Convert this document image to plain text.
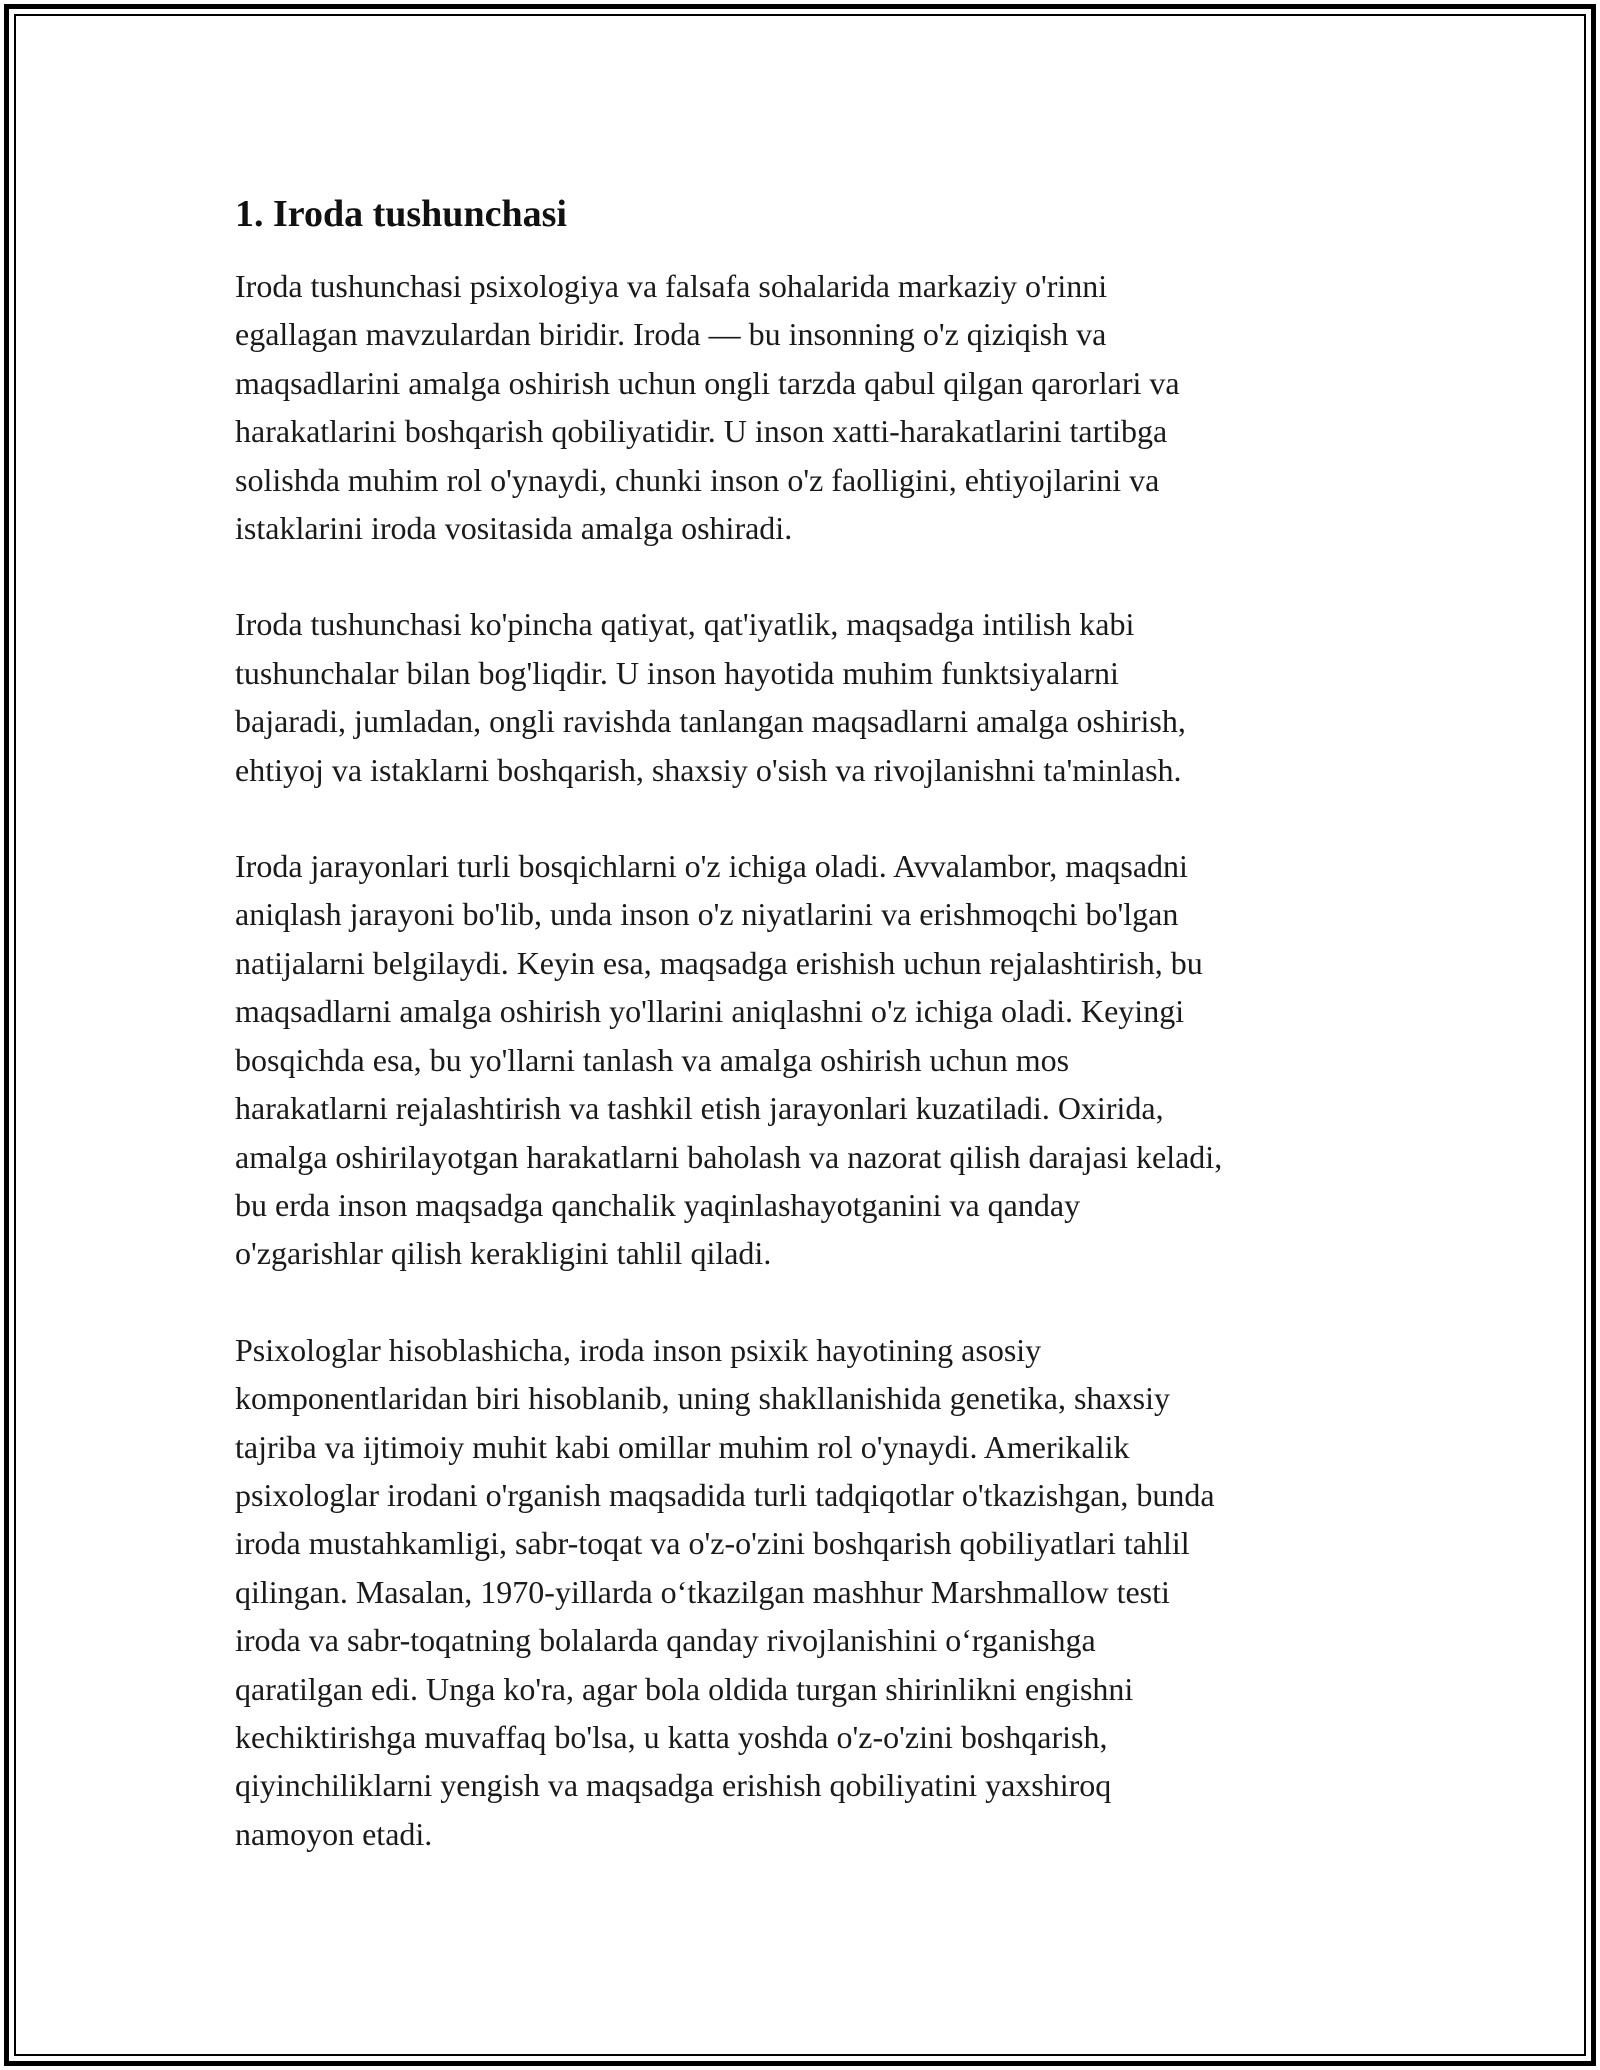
1. Iroda tushunchasi

Iroda tushunchasi psixologiya va falsafa sohalarida markaziy o'rinni
egallagan mavzulardan biridir. Iroda — bu insonning o'z qiziqish va
maqsadlarini amalga oshirish uchun ongli tarzda qabul qilgan qarorlari va
harakatlarini boshqarish qobiliyatidir. U inson xatti-harakatlarini tartibga
solishda muhim rol o'ynaydi, chunki inson o'z faolligini, ehtiyojlarini va
istaklarini iroda vositasida amalga oshiradi.

Iroda tushunchasi ko'pincha qatiyat, qat'iyatlik, maqsadga intilish kabi
tushunchalar bilan bog'liqdir. U inson hayotida muhim funktsiyalarni
bajaradi, jumladan, ongli ravishda tanlangan maqsadlarni amalga oshirish,
ehtiyoj va istaklarni boshqarish, shaxsiy o'sish va rivojlanishni ta'minlash.

Iroda jarayonlari turli bosqichlarni o'z ichiga oladi. Avvalambor, maqsadni
aniqlash jarayoni bo'lib, unda inson o'z niyatlarini va erishmoqchi bo'lgan
natijalarni belgilaydi. Keyin esa, maqsadga erishish uchun rejalashtirish, bu
maqsadlarni amalga oshirish yo'llarini aniqlashni o'z ichiga oladi. Keyingi
bosqichda esa, bu yo'llarni tanlash va amalga oshirish uchun mos
harakatlarni rejalashtirish va tashkil etish jarayonlari kuzatiladi. Oxirida,
amalga oshirilayotgan harakatlarni baholash va nazorat qilish darajasi keladi,
bu erda inson maqsadga qanchalik yaqinlashayotganini va qanday
o'zgarishlar qilish kerakligini tahlil qiladi.

Psixologlar hisoblashicha, iroda inson psixik hayotining asosiy
komponentlaridan biri hisoblanib, uning shakllanishida genetika, shaxsiy
tajriba va ijtimoiy muhit kabi omillar muhim rol o'ynaydi. Amerikalik
psixologlar irodani o'rganish maqsadida turli tadqiqotlar o'tkazishgan, bunda
iroda mustahkamligi, sabr-toqat va o'z-o'zini boshqarish qobiliyatlari tahlil
qilingan. Masalan, 1970-yillarda o‘tkazilgan mashhur Marshmallow testi
iroda va sabr-toqatning bolalarda qanday rivojlanishini o‘rganishga
qaratilgan edi. Unga ko'ra, agar bola oldida turgan shirinlikni engishni
kechiktirishga muvaffaq bo'lsa, u katta yoshda o'z-o'zini boshqarish,
qiyinchiliklarni yengish va maqsadga erishish qobiliyatini yaxshiroq
namoyon etadi.
